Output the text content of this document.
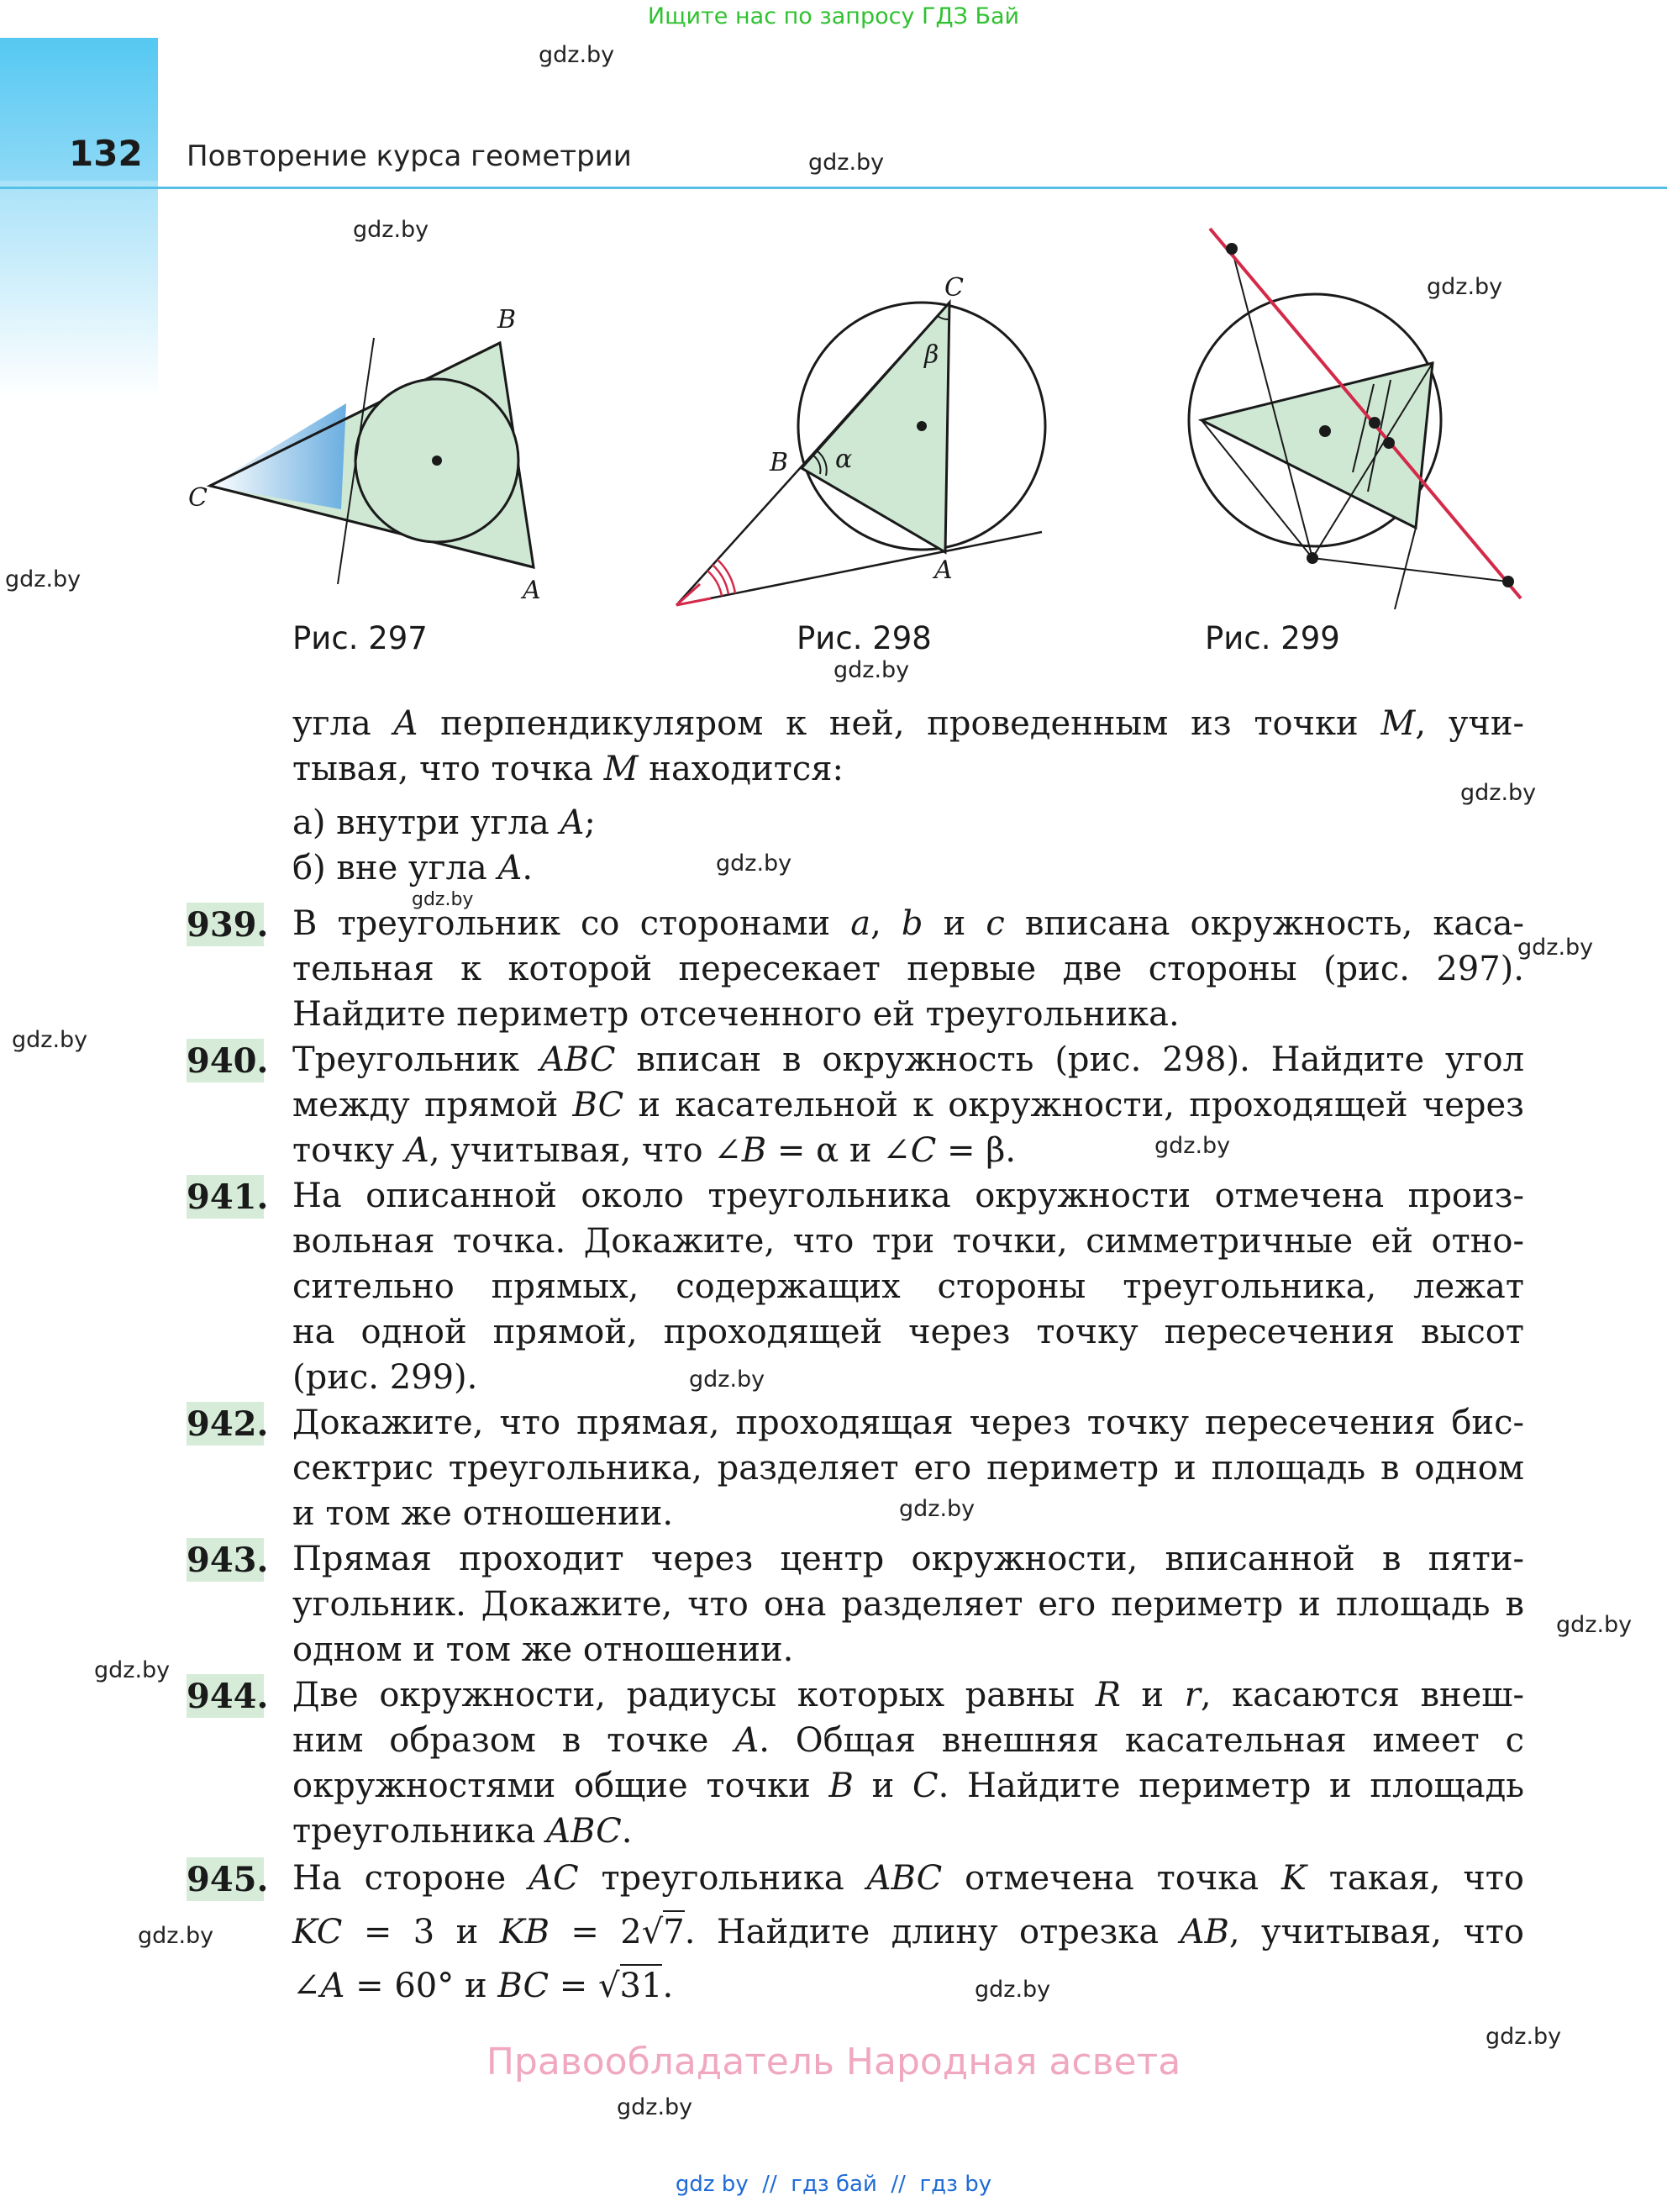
Ищите нас по запросу ГДЗ Бай
132 Повторение курса геометрии
gdz.by
gdz.by
gdz.by
gdz.by
gdz.by
gdz.by
gdz.by
gdz.by
gdz.by
gdz.by
gdz.by
gdz.by
gdz.by
gdz.by
gdz.by
gdz.by
gdz.by
gdz.by
gdz.by
gdz.by
B
C
A
Рис. 297
C
β
B α
A
Рис. 298	Рис. 299
угла A перпендикуляром к ней, проведенным из точки M, учи-
тывая, что точка M находится:
а) внутри угла A;
б) вне угла A.
939. В треугольник со сторонами a, b и c вписана окружность, каса-
тельная к которой пересекает первые две стороны (рис. 297).
Найдите периметр отсеченного ей треугольника.
940. Треугольник ABC вписан в окружность (рис. 298). Найдите угол
между прямой BC и касательной к окружности, проходящей через
точку A, учитывая, что ∠B = α и ∠C = β.
941. На описанной около треугольника окружности отмечена произ-
вольная точка. Докажите, что три точки, симметричные ей отно-
сительно прямых, содержащих стороны треугольника, лежат
на одной прямой, проходящей через точку пересечения высот
(рис. 299).
942. Докажите, что прямая, проходящая через точку пересечения бис-
сектрис треугольника, разделяет его периметр и площадь в одном
и том же отношении.
943. Прямая проходит через центр окружности, вписанной в пяти-
угольник. Докажите, что она разделяет его периметр и площадь в
одном и том же отношении.
944. Две окружности, радиусы которых равны R и r, касаются внеш-
ним образом в точке A. Общая внешняя касательная имеет с
окружностями общие точки B и C. Найдите периметр и площадь
треугольника ABC.
945. На стороне AC треугольника ABC отмечена точка K такая, что
KC = 3 и KB = 2√7. Найдите длину отрезка AB, учитывая, что
∠A = 60° и BC = √31.
Правообладатель Народная асвета
gdz by // гдз бай // гдз by
